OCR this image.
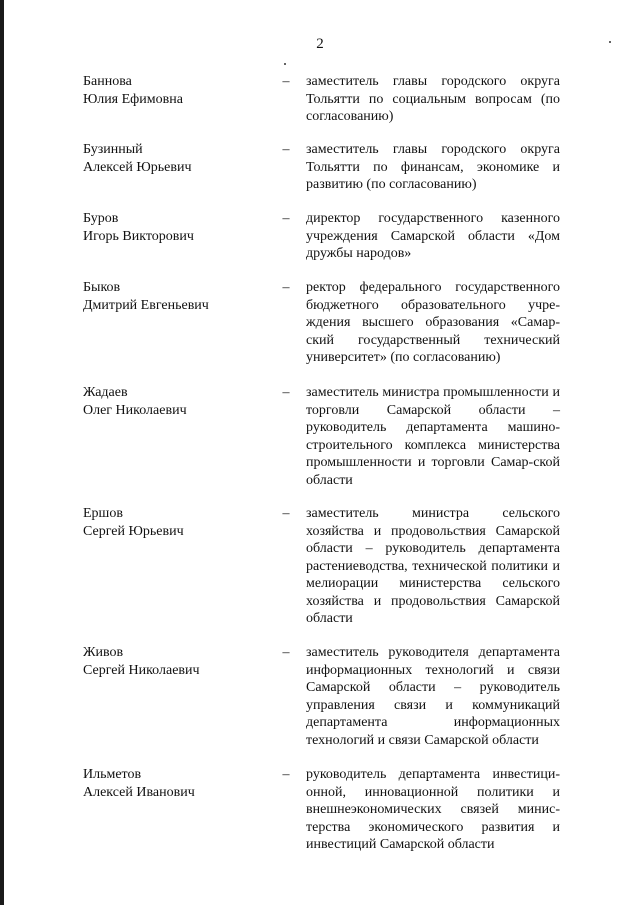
2
Баннова
Юлия Ефимовна
– заместитель главы городского округа Тольятти по социальным вопросам (по согласованию)
Бузинный
Алексей Юрьевич
– заместитель главы городского округа Тольятти по финансам, экономике и развитию (по согласованию)
Буров
Игорь Викторович
– директор государственного казенного учреждения Самарской области «Дом дружбы народов»
Быков
Дмитрий Евгеньевич
– ректор федерального государственного бюджетного образовательного учре-ждения высшего образования «Самар-ский государственный технический университет» (по согласованию)
Жадаев
Олег Николаевич
– заместитель министра промышленности и торговли Самарской области – руководитель департамента машино-строительного комплекса министерства промышленности и торговли Самар-ской области
Ершов
Сергей Юрьевич
– заместитель министра сельского хозяйства и продовольствия Самарской области – руководитель департамента растениеводства, технической политики и мелиорации министерства сельского хозяйства и продовольствия Самарской области
Живов
Сергей Николаевич
– заместитель руководителя департамента информационных технологий и связи Самарской области – руководитель управления связи и коммуникаций департамента информационных технологий и связи Самарской области
Ильметов
Алексей Иванович
– руководитель департамента инвестици-онной, инновационной политики и внешнеэкономических связей минис-терства экономического развития и инвестиций Самарской области
